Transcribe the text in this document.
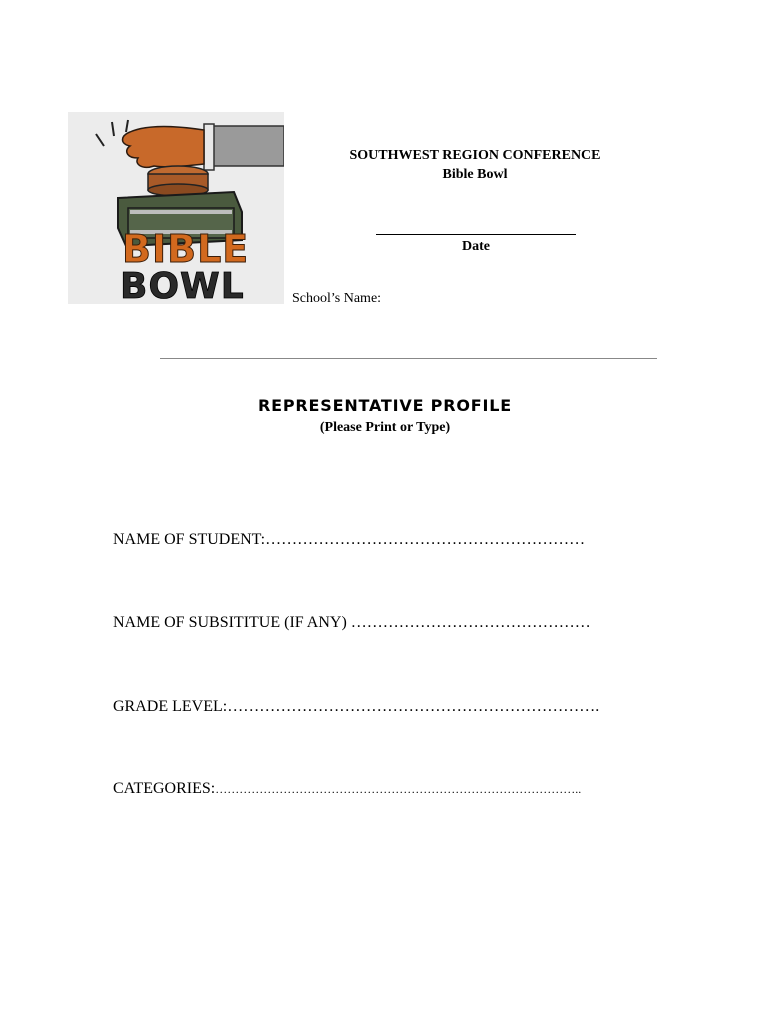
BIBLE
BOWL
SOUTHWEST REGION CONFERENCE
Bible Bowl
Date
School’s Name:
REPRESENTATIVE PROFILE
(Please Print or Type)
NAME OF STUDENT:……………………………………………………
NAME OF SUBSITITUE (IF ANY) ………………………………………
GRADE LEVEL:…………………………………………………………….
CATEGORIES:………………………………………………………………………………..
